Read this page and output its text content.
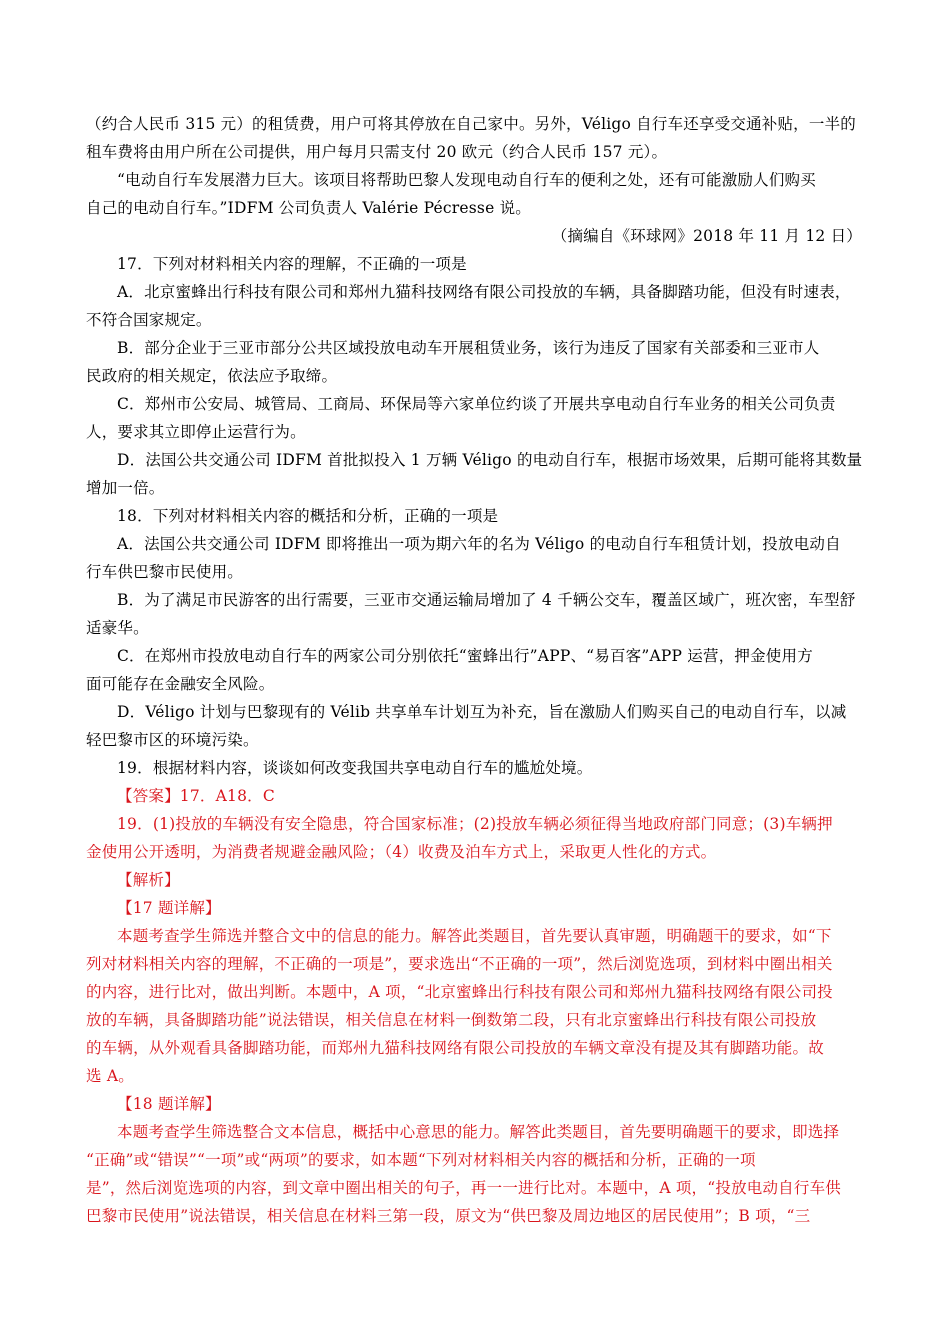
（约合人民币 315 元）的租赁费，用户可将其停放在自己家中。另外，Véligo 自行车还享受交通补贴，一半的

租车费将由用户所在公司提供，用户每月只需支付 20 欧元（约合人民币 157 元）。

“电动自行车发展潜力巨大。该项目将帮助巴黎人发现电动自行车的便利之处，还有可能激励人们购买

自己的电动自行车。”IDFM 公司负责人 Valérie Pécresse 说。

（摘编自《环球网》2018 年 11 月 12 日）

17．下列对材料相关内容的理解，不正确的一项是

A．北京蜜蜂出行科技有限公司和郑州九猫科技网络有限公司投放的车辆，具备脚踏功能，但没有时速表，

不符合国家规定。

B．部分企业于三亚市部分公共区域投放电动车开展租赁业务，该行为违反了国家有关部委和三亚市人

民政府的相关规定，依法应予取缔。

C．郑州市公安局、城管局、工商局、环保局等六家单位约谈了开展共享电动自行车业务的相关公司负责

人，要求其立即停止运营行为。

D．法国公共交通公司 IDFM 首批拟投入 1 万辆 Véligo 的电动自行车，根据市场效果，后期可能将其数量

增加一倍。

18．下列对材料相关内容的概括和分析，正确的一项是

A．法国公共交通公司 IDFM 即将推出一项为期六年的名为 Véligo 的电动自行车租赁计划，投放电动自

行车供巴黎市民使用。

B．为了满足市民游客的出行需要，三亚市交通运输局增加了 4 千辆公交车，覆盖区域广，班次密，车型舒

适豪华。

C．在郑州市投放电动自行车的两家公司分别依托“蜜蜂出行”APP、“易百客”APP 运营，押金使用方

面可能存在金融安全风险。

D．Véligo 计划与巴黎现有的 Vélib 共享单车计划互为补充，旨在激励人们购买自己的电动自行车，以减

轻巴黎市区的环境污染。

19．根据材料内容，谈谈如何改变我国共享电动自行车的尴尬处境。

【答案】17．A18．C

19．(1)投放的车辆没有安全隐患，符合国家标准；(2)投放车辆必须征得当地政府部门同意；(3)车辆押

金使用公开透明，为消费者规避金融风险；（4）收费及泊车方式上，采取更人性化的方式。

【解析】

【17 题详解】

本题考查学生筛选并整合文中的信息的能力。解答此类题目，首先要认真审题，明确题干的要求，如“下

列对材料相关内容的理解，不正确的一项是”，要求选出“不正确的一项”，然后浏览选项，到材料中圈出相关

的内容，进行比对，做出判断。本题中，A 项，“北京蜜蜂出行科技有限公司和郑州九猫科技网络有限公司投

放的车辆，具备脚踏功能”说法错误，相关信息在材料一倒数第二段，只有北京蜜蜂出行科技有限公司投放

的车辆，从外观看具备脚踏功能，而郑州九猫科技网络有限公司投放的车辆文章没有提及其有脚踏功能。故

选 A。

【18 题详解】

本题考查学生筛选整合文本信息，概括中心意思的能力。解答此类题目，首先要明确题干的要求，即选择

“正确”或“错误”“一项”或“两项”的要求，如本题“下列对材料相关内容的概括和分析，正确的一项

是”，然后浏览选项的内容，到文章中圈出相关的句子，再一一进行比对。本题中，A 项，“投放电动自行车供

巴黎市民使用”说法错误，相关信息在材料三第一段，原文为“供巴黎及周边地区的居民使用”；B 项，“三
